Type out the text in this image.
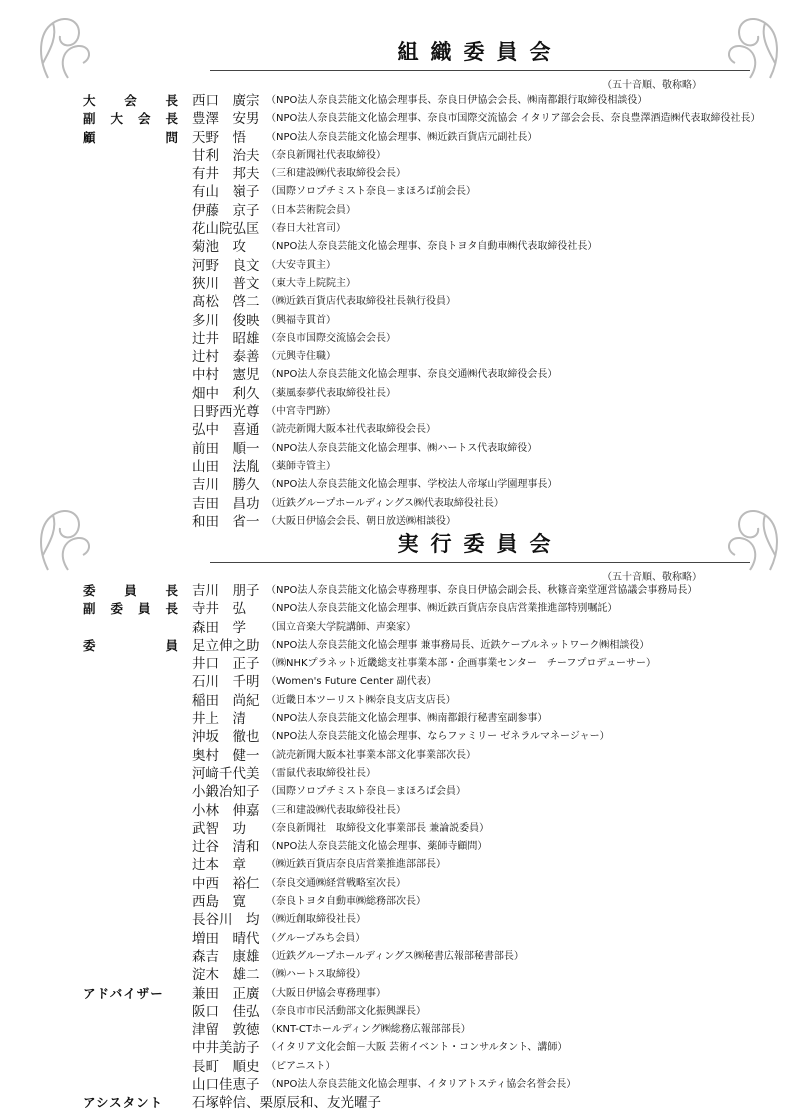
組織委員会
（五十音順、敬称略）
大会長 西口　廣宗 （NPO法人奈良芸能文化協会理事長、奈良日伊協会会長、㈱南都銀行取締役相談役）
副大会長 豊澤　安男 （NPO法人奈良芸能文化協会理事、奈良市国際交流協会 イタリア部会会長、奈良豊澤酒造㈱代表取締役社長）
顧問 天野　悟	（NPO法人奈良芸能文化協会理事、㈱近鉄百貨店元副社長）
甘利　治夫 （奈良新聞社代表取締役）
有井　邦夫 （三和建設㈱代表取締役会長）
有山　嶺子 （国際ソロプチミスト奈良－まほろば前会長）
伊藤　京子 （日本芸術院会員）
花山院弘匡 （春日大社宮司）
菊池　攻	（NPO法人奈良芸能文化協会理事、奈良トヨタ自動車㈱代表取締役社長）
河野　良文 （大安寺貫主）
狹川　普文 （東大寺上院院主）
髙松　啓二 （㈱近鉄百貨店代表取締役社長執行役員）
多川　俊映 （興福寺貫首）
辻井　昭雄 （奈良市国際交流協会会長）
辻村　泰善 （元興寺住職）
中村　憲児 （NPO法人奈良芸能文化協会理事、奈良交通㈱代表取締役会長）
畑中　利久 （薬風泰夢代表取締役社長）
日野西光尊 （中宮寺門跡）
弘中　喜通 （読売新聞大阪本社代表取締役会長）
前田　順一 （NPO法人奈良芸能文化協会理事、㈱ハートス代表取締役）
山田　法胤 （薬師寺管主）
吉川　勝久 （NPO法人奈良芸能文化協会理事、学校法人帝塚山学園理事長）
吉田　昌功 （近鉄グループホールディングス㈱代表取締役社長）
和田　省一 （大阪日伊協会会長、朝日放送㈱相談役）
実行委員会
（五十音順、敬称略）
委員長 吉川　朋子 （NPO法人奈良芸能文化協会専務理事、奈良日伊協会副会長、秋篠音楽堂運営協議会事務局長）
副委員長 寺井　弘	（NPO法人奈良芸能文化協会理事、㈱近鉄百貨店奈良店営業推進部特別嘱託）
森田　学	（国立音楽大学院講師、声楽家）
委員 足立伸之助 （NPO法人奈良芸能文化協会理事 兼事務局長、近鉄ケーブルネットワーク㈱相談役）
井口　正子 （㈱NHKプラネット近畿総支社事業本部・企画事業センター　チーフプロデューサー）
石川　千明 （Women's Future Center 副代表）
稲田　尚紀 （近畿日本ツーリスト㈱奈良支店支店長）
井上　清	（NPO法人奈良芸能文化協会理事、㈱南都銀行秘書室副参事）
沖坂　徹也 （NPO法人奈良芸能文化協会理事、ならファミリー ゼネラルマネージャー）
奥村　健一 （読売新聞大阪本社事業本部文化事業部次長）
河﨑千代美 （雷鼠代表取締役社長）
小鍛冶知子 （国際ソロプチミスト奈良－まほろば会員）
小林　伸嘉 （三和建設㈱代表取締役社長）
武智　功	（奈良新聞社　取締役文化事業部長 兼論説委員）
辻谷　清和 （NPO法人奈良芸能文化協会理事、薬師寺顧問）
辻本　章	（㈱近鉄百貨店奈良店営業推進部部長）
中西　裕仁 （奈良交通㈱経営戦略室次長）
西島　寛	（奈良トヨタ自動車㈱総務部次長）
長谷川　均 （㈱近創取締役社長）
増田　晴代 （グループみち会員）
森吉　康雄 （近鉄グループホールディングス㈱秘書広報部秘書部長）
淀木　雄二 （㈱ハートス取締役）
アドバイザー	兼田　正廣 （大阪日伊協会専務理事）
阪口　佳弘 （奈良市市民活動部文化振興課長）
津留　敦徳 （KNT-CTホールディング㈱総務広報部部長）
中井美訪子 （イタリア文化会館－大阪 芸術イベント・コンサルタント、講師）
長町　順史 （ピアニスト）
山口佳恵子 （NPO法人奈良芸能文化協会理事、イタリアトスティ協会名誉会長）
アシスタント	石塚幹信、栗原辰和、友光曜子
